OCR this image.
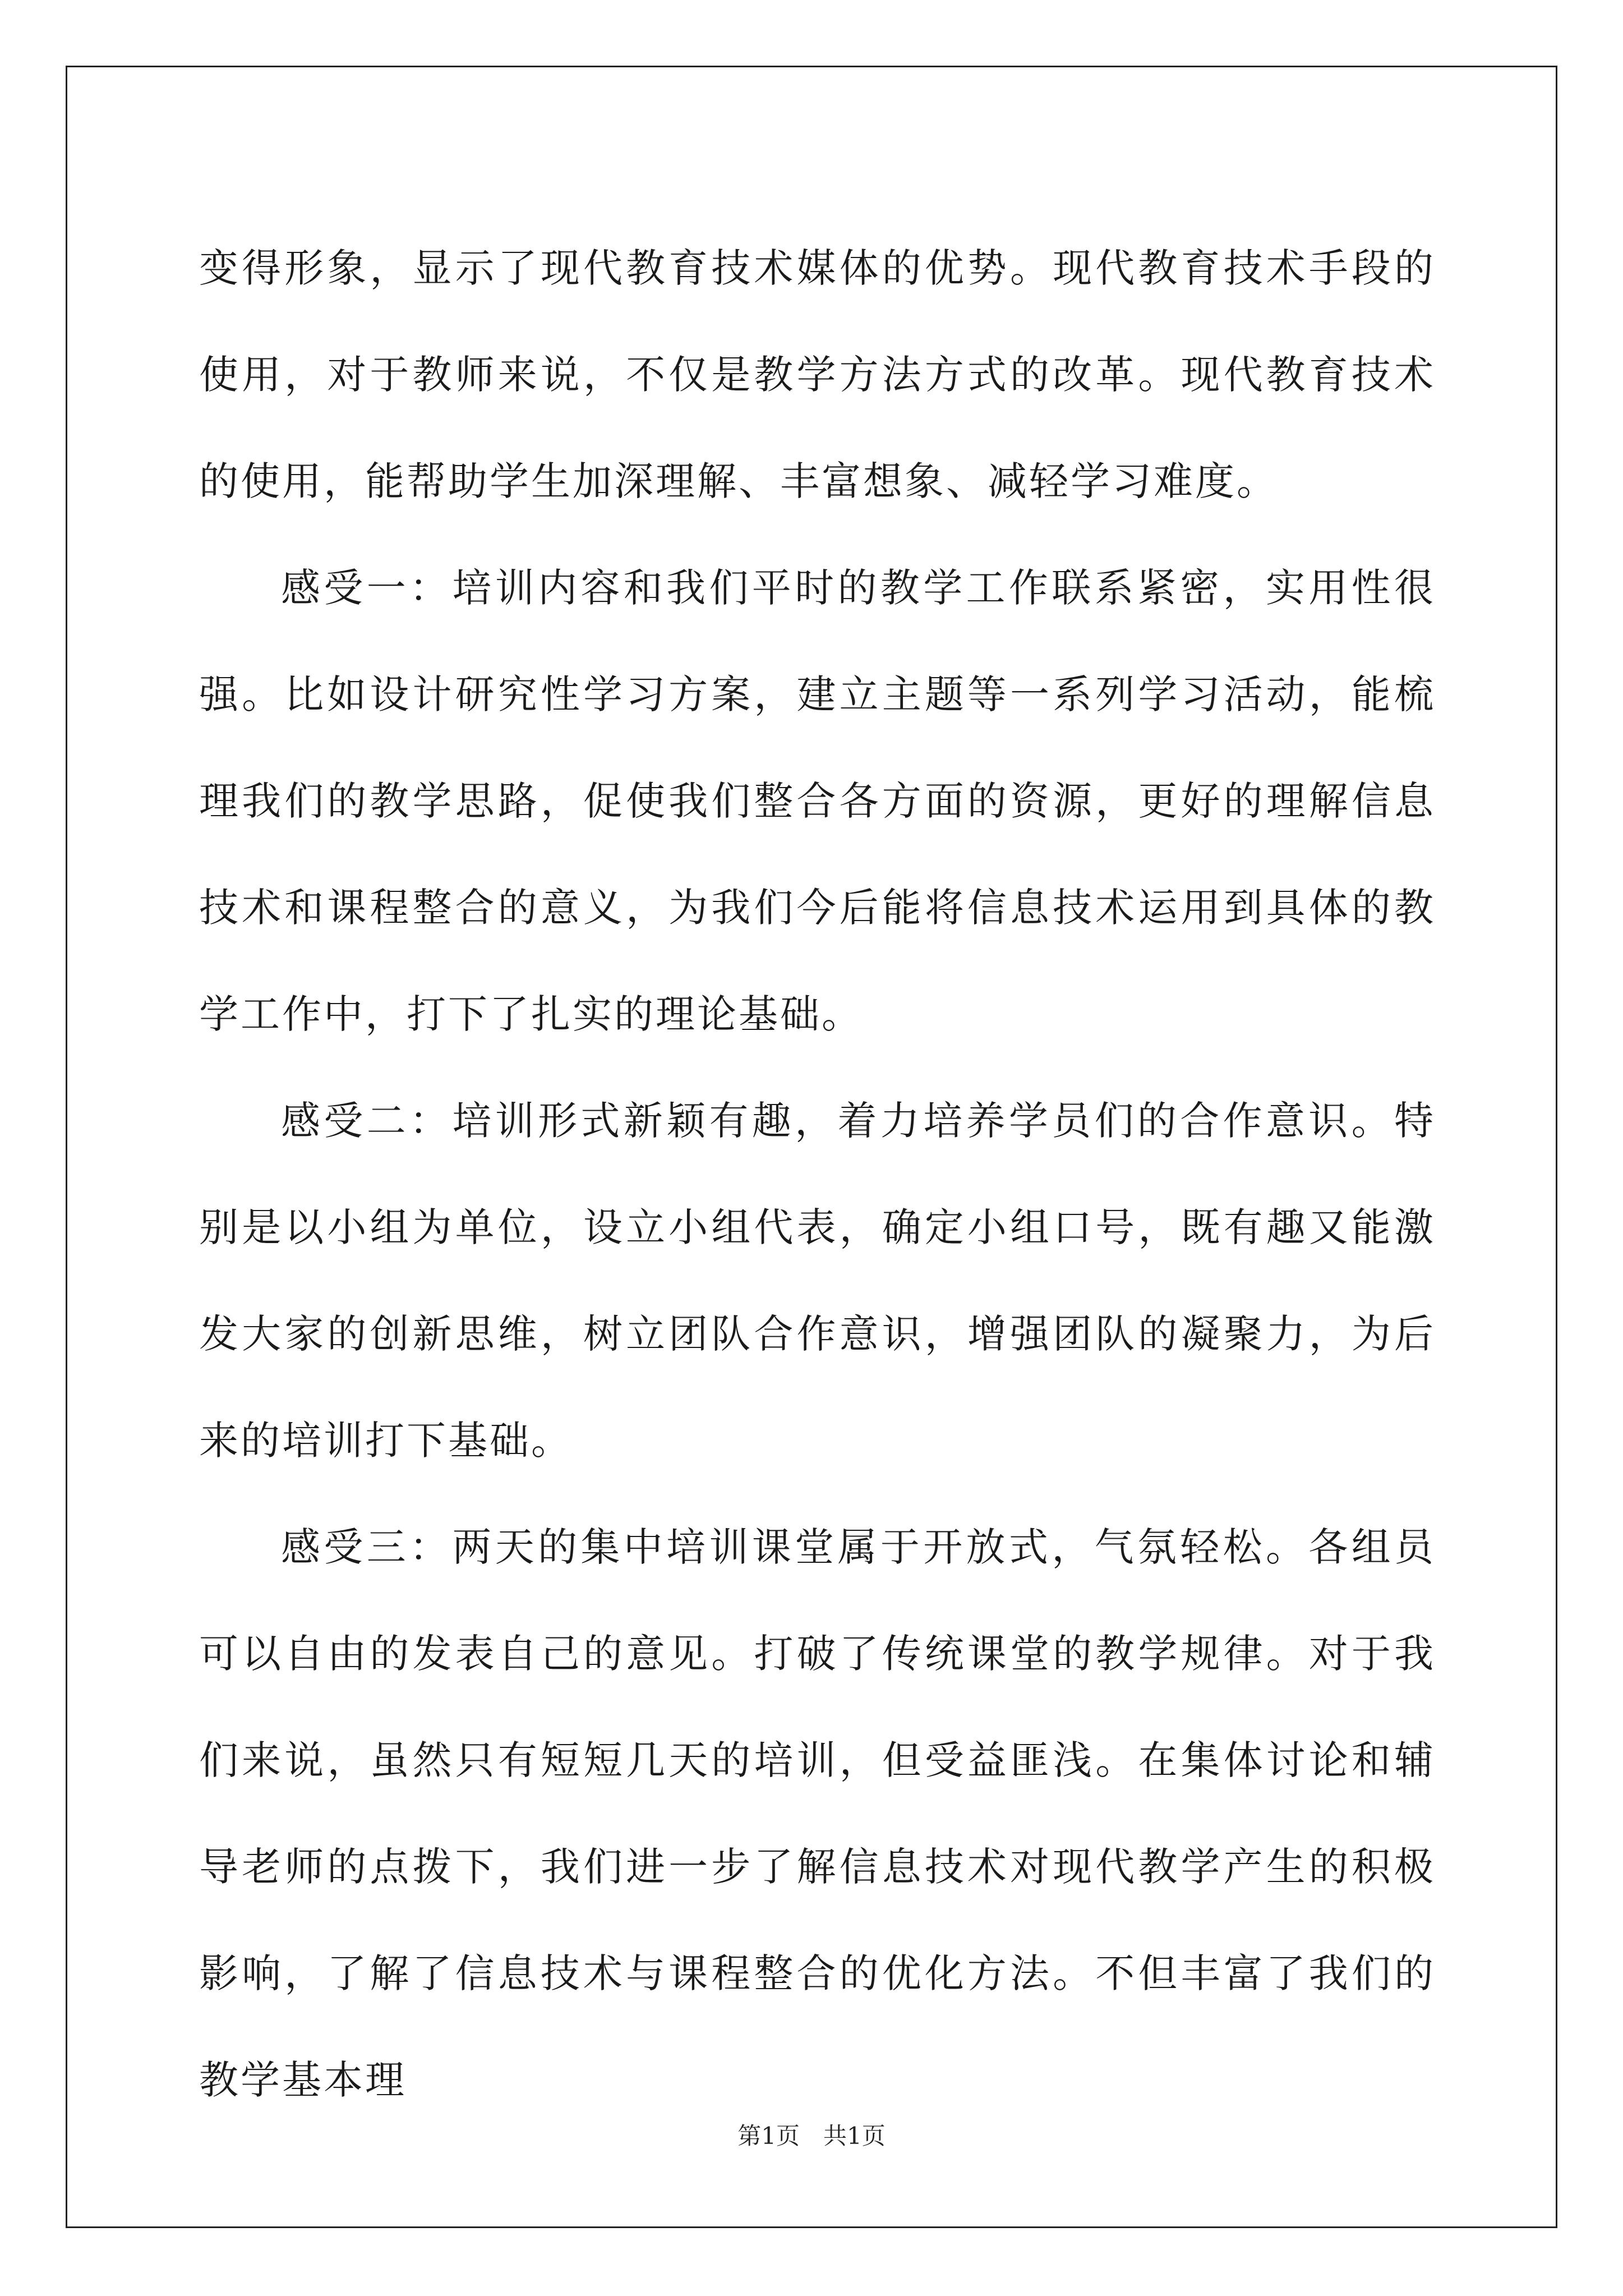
变得形象，显示了现代教育技术媒体的优势。现代教育技术手段的使用，对于教师来说，不仅是教学方法方式的改革。现代教育技术的使用，能帮助学生加深理解、丰富想象、减轻学习难度。

感受一：培训内容和我们平时的教学工作联系紧密，实用性很强。比如设计研究性学习方案，建立主题等一系列学习活动，能梳理我们的教学思路，促使我们整合各方面的资源，更好的理解信息技术和课程整合的意义，为我们今后能将信息技术运用到具体的教学工作中，打下了扎实的理论基础。

感受二：培训形式新颖有趣，着力培养学员们的合作意识。特别是以小组为单位，设立小组代表，确定小组口号，既有趣又能激发大家的创新思维，树立团队合作意识，增强团队的凝聚力，为后来的培训打下基础。

感受三：两天的集中培训课堂属于开放式，气氛轻松。各组员可以自由的发表自己的意见。打破了传统课堂的教学规律。对于我们来说，虽然只有短短几天的培训，但受益匪浅。在集体讨论和辅导老师的点拨下，我们进一步了解信息技术对现代教学产生的积极影响，了解了信息技术与课程整合的优化方法。不但丰富了我们的教学基本理

第1页　共1页
